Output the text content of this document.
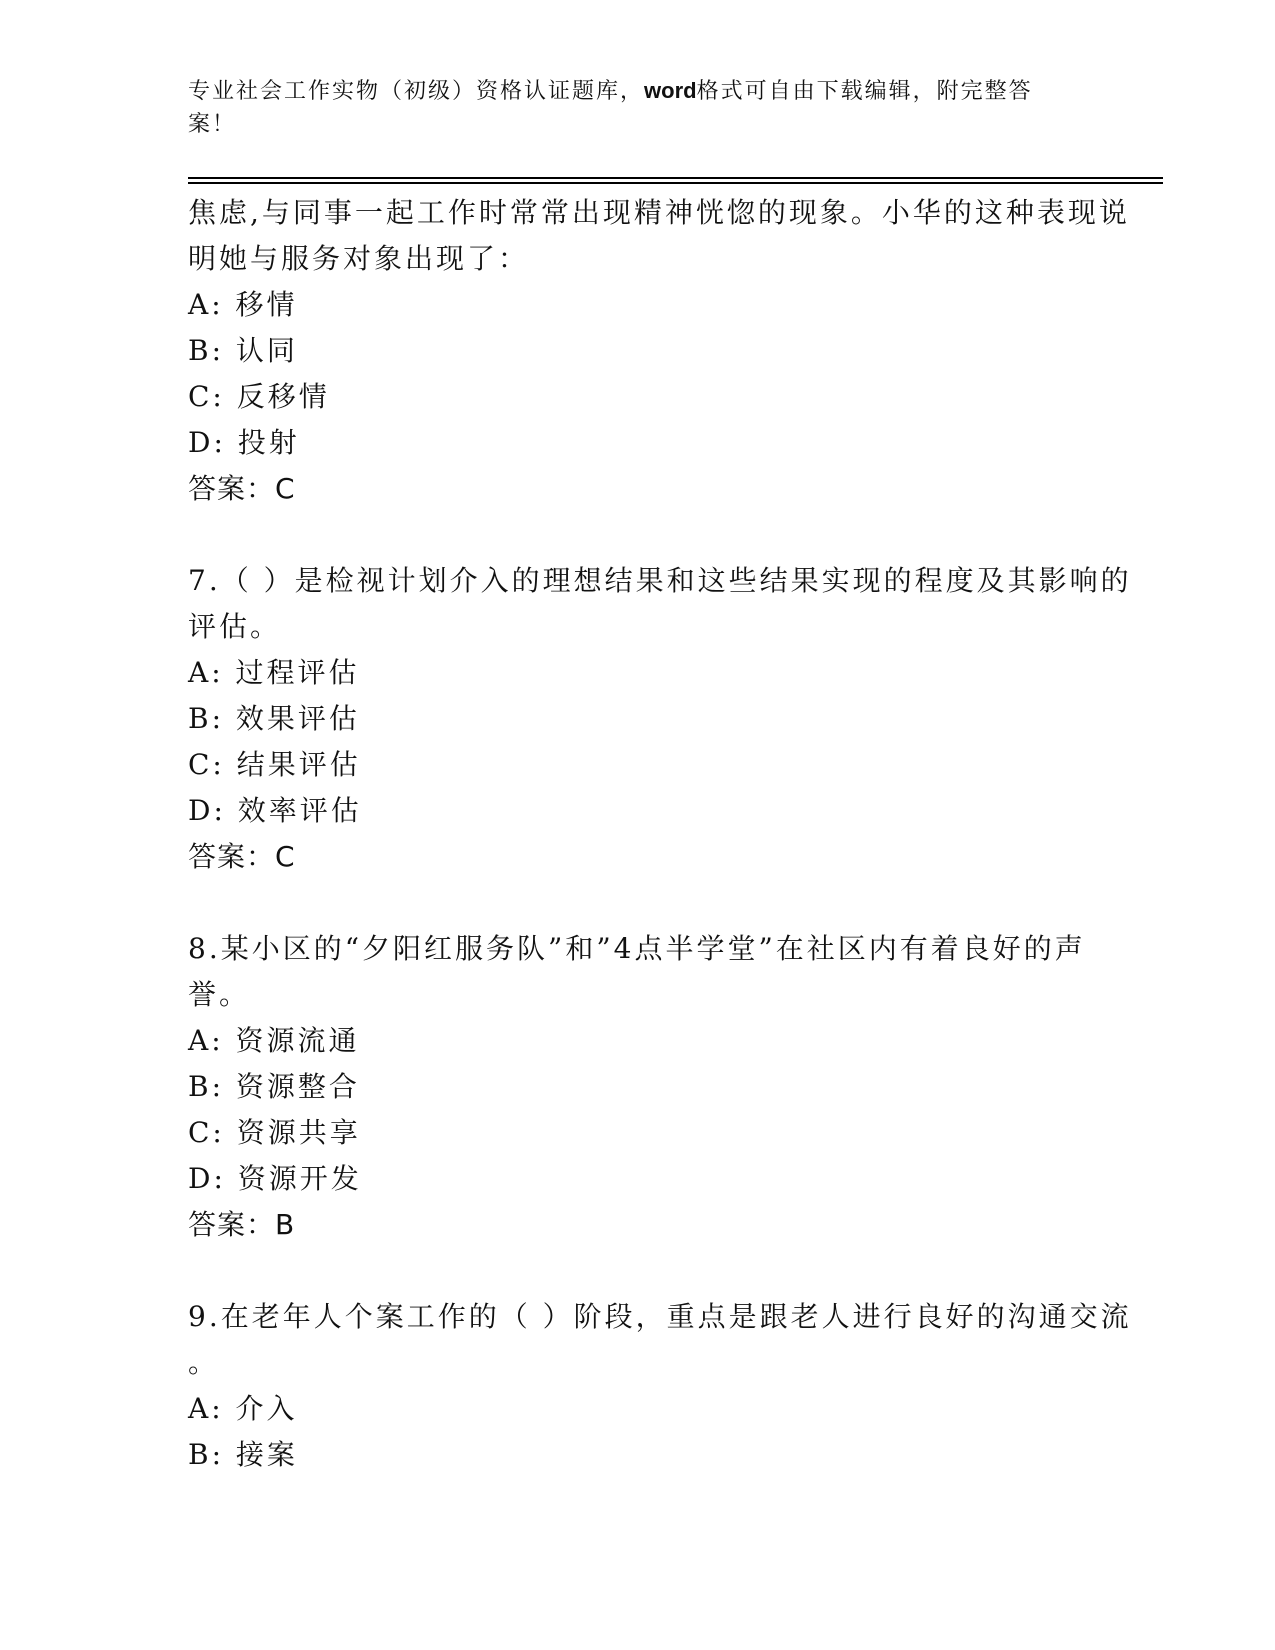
专业社会工作实物（初级）资格认证题库，word格式可自由下载编辑，附完整答
案！
焦虑,与同事一起工作时常常出现精神恍惚的现象。小华的这种表现说
明她与服务对象出现了：
A: 移情
B: 认同
C: 反移情
D: 投射
答案：C
7.（ ）是检视计划介入的理想结果和这些结果实现的程度及其影响的
评估。
A: 过程评估
B: 效果评估
C: 结果评估
D: 效率评估
答案：C
8.某小区的“夕阳红服务队”和”4点半学堂”在社区内有着良好的声
誉。
A: 资源流通
B: 资源整合
C: 资源共享
D: 资源开发
答案：B
9.在老年人个案工作的（ ）阶段，重点是跟老人进行良好的沟通交流
。
A: 介入
B: 接案
